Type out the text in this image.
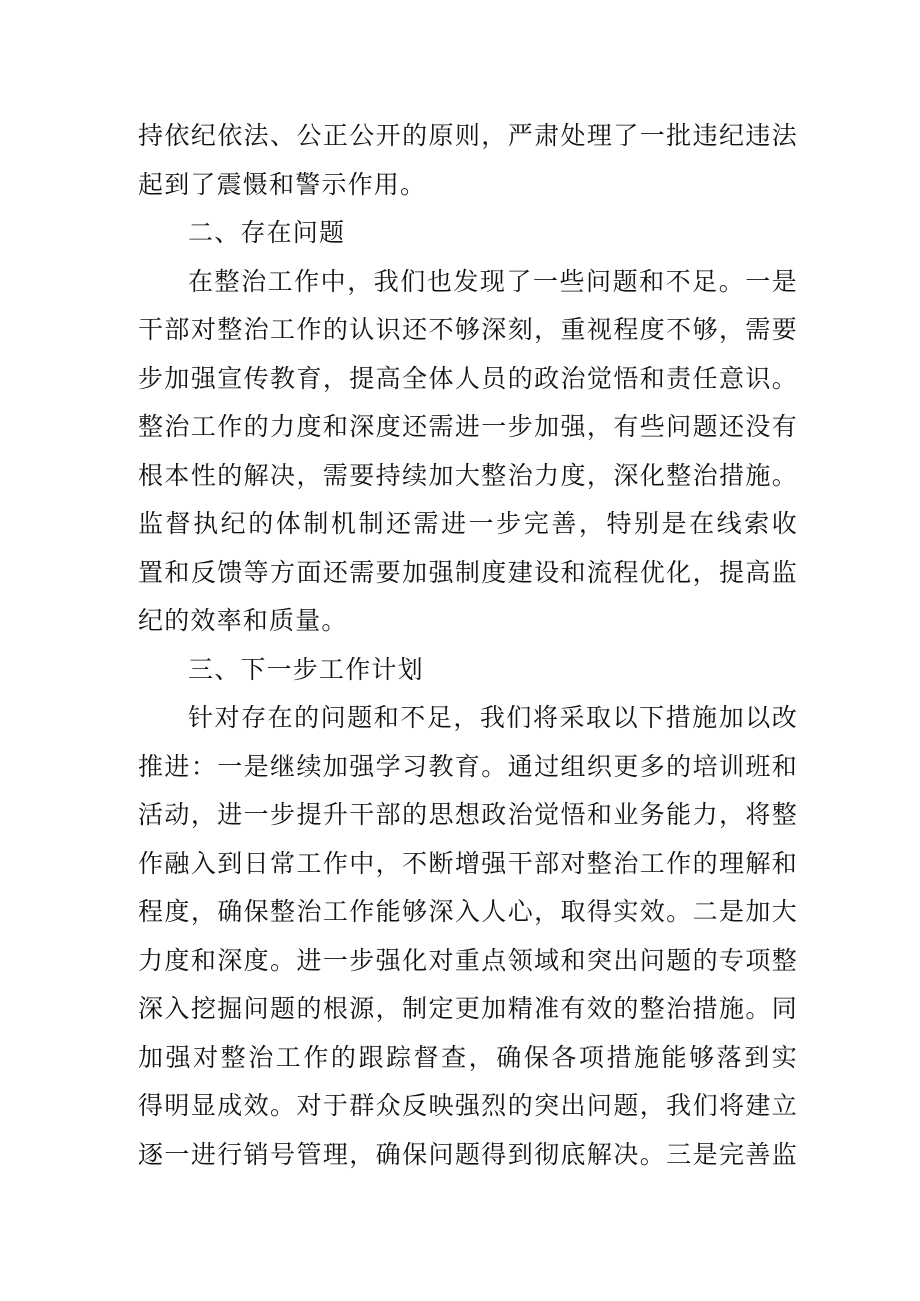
持依纪依法、公正公开的原则，严肃处理了一批违纪违法
起到了震慑和警示作用。
二、存在问题
在整治工作中，我们也发现了一些问题和不足。一是
干部对整治工作的认识还不够深刻，重视程度不够，需要
步加强宣传教育，提高全体人员的政治觉悟和责任意识。
整治工作的力度和深度还需进一步加强，有些问题还没有
根本性的解决，需要持续加大整治力度，深化整治措施。
监督执纪的体制机制还需进一步完善，特别是在线索收
置和反馈等方面还需要加强制度建设和流程优化，提高监
纪的效率和质量。
三、下一步工作计划
针对存在的问题和不足，我们将采取以下措施加以改
推进：一是继续加强学习教育。通过组织更多的培训班和
活动，进一步提升干部的思想政治觉悟和业务能力，将整
作融入到日常工作中，不断增强干部对整治工作的理解和
程度，确保整治工作能够深入人心，取得实效。二是加大
力度和深度。进一步强化对重点领域和突出问题的专项整
深入挖掘问题的根源，制定更加精准有效的整治措施。同
加强对整治工作的跟踪督查，确保各项措施能够落到实
得明显成效。对于群众反映强烈的突出问题，我们将建立
逐一进行销号管理，确保问题得到彻底解决。三是完善监
